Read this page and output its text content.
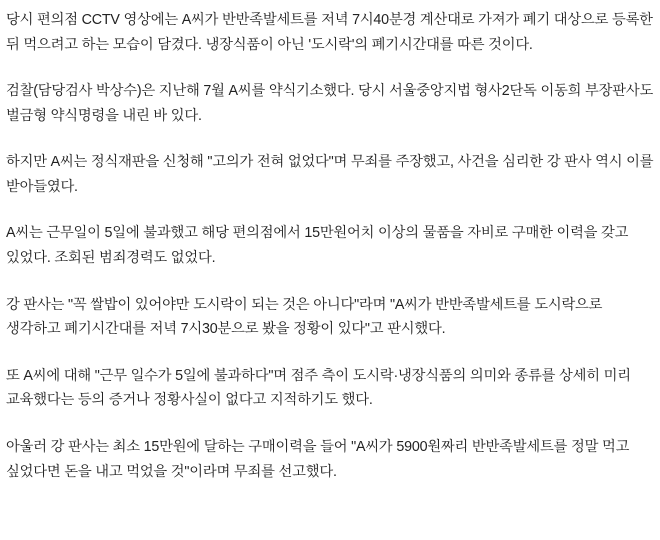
당시 편의점 CCTV 영상에는 A씨가 반반족발세트를 저녁 7시40분경 계산대로 가져가 폐기 대상으로 등록한 뒤 먹으려고 하는 모습이 담겼다. 냉장식품이 아닌 '도시락'의 폐기시간대를 따른 것이다.

검찰(담당검사 박상수)은 지난해 7월 A씨를 약식기소했다. 당시 서울중앙지법 형사2단독 이동희 부장판사도 벌금형 약식명령을 내린 바 있다.

하지만 A씨는 정식재판을 신청해 "고의가 전혀 없었다"며 무죄를 주장했고, 사건을 심리한 강 판사 역시 이를 받아들였다.

A씨는 근무일이 5일에 불과했고 해당 편의점에서 15만원어치 이상의 물품을 자비로 구매한 이력을 갖고 있었다. 조회된 범죄경력도 없었다.

강 판사는 "꼭 쌀밥이 있어야만 도시락이 되는 것은 아니다"라며 "A씨가 반반족발세트를 도시락으로 생각하고 폐기시간대를 저녁 7시30분으로 봤을 정황이 있다"고 판시했다.

또 A씨에 대해 "근무 일수가 5일에 불과하다"며 점주 측이 도시락·냉장식품의 의미와 종류를 상세히 미리 교육했다는 등의 증거나 정황사실이 없다고 지적하기도 했다.

아울러 강 판사는 최소 15만원에 달하는 구매이력을 들어 "A씨가 5900원짜리 반반족발세트를 정말 먹고 싶었다면 돈을 내고 먹었을 것"이라며 무죄를 선고했다.
